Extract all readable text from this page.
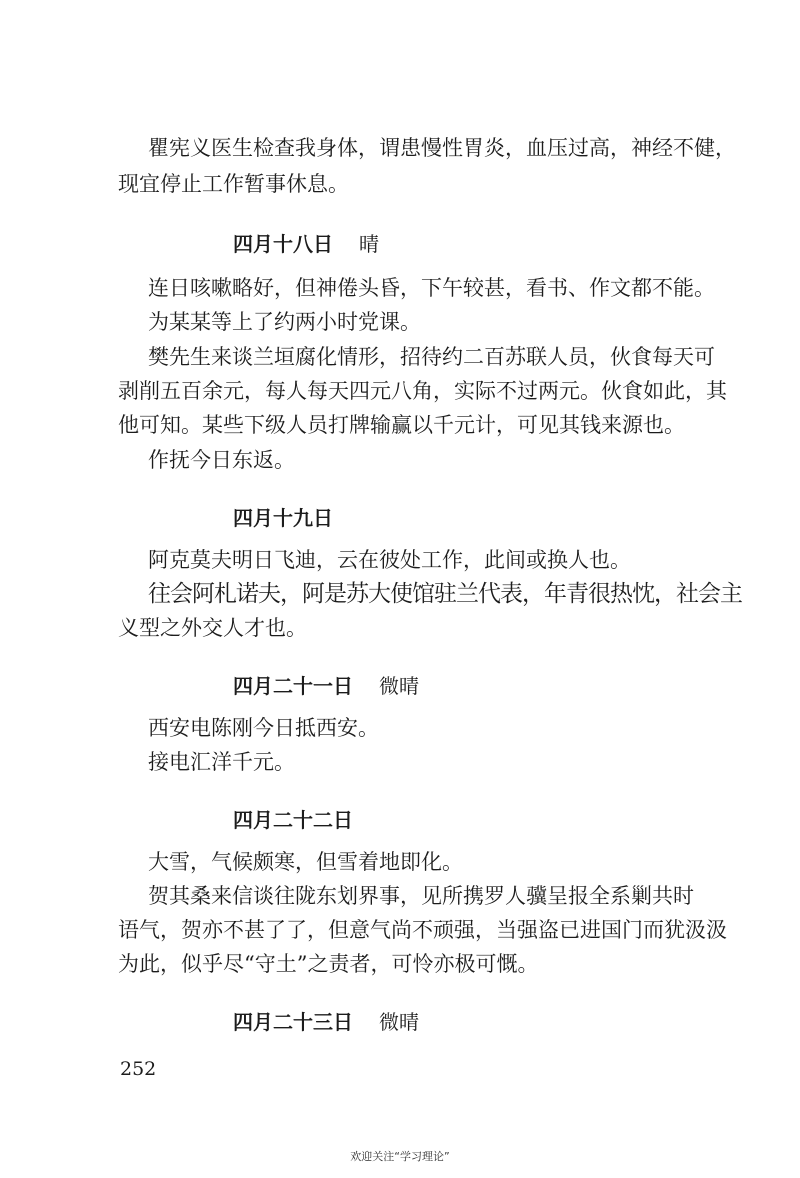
瞿宪义医生检查我身体，谓患慢性胃炎，血压过高，神经不健，

现宜停止工作暂事休息。

四月十八日 晴

连日咳嗽略好，但神倦头昏，下午较甚，看书、作文都不能。

为某某等上了约两小时党课。

樊先生来谈兰垣腐化情形，招待约二百苏联人员，伙食每天可

剥削五百余元，每人每天四元八角，实际不过两元。伙食如此，其

他可知。某些下级人员打牌输赢以千元计，可见其钱来源也。

作抚今日东返。

四月十九日

阿克莫夫明日飞迪，云在彼处工作，此间或换人也。

往会阿札诺夫，阿是苏大使馆驻兰代表，年青很热忱，社会主

义型之外交人才也。

四月二十一日 微晴

西安电陈刚今日抵西安。

接电汇洋千元。

四月二十二日

大雪，气候颇寒，但雪着地即化。

贺其桑来信谈往陇东划界事，见所携罗人骥呈报全系剿共时

语气，贺亦不甚了了，但意气尚不顽强，当强盗已进国门而犹汲汲

为此，似乎尽“守土”之责者，可怜亦极可慨。

四月二十三日 微晴

252
欢迎关注“学习理论”
